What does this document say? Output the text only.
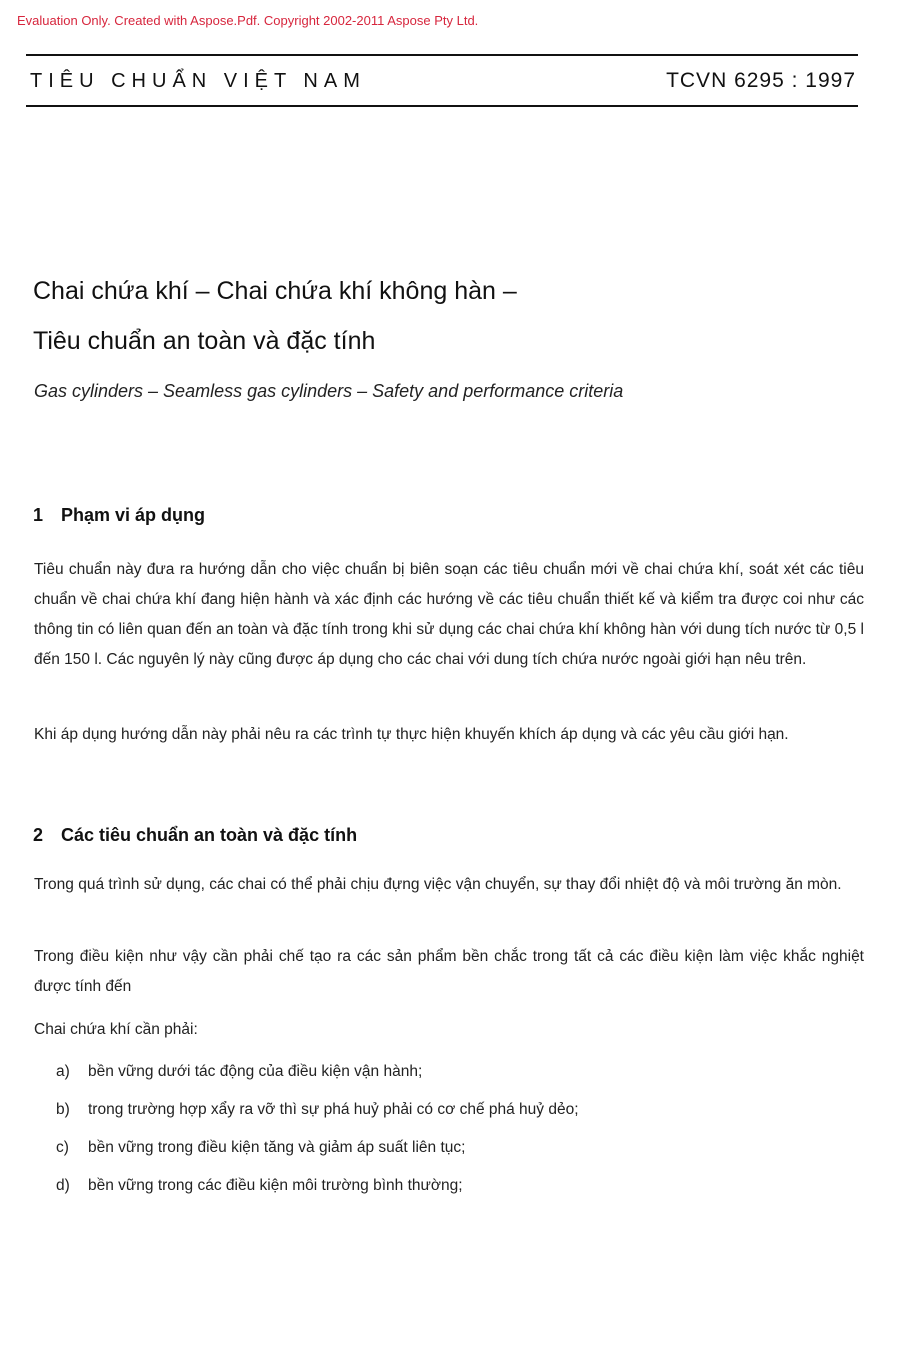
Evaluation Only. Created with Aspose.Pdf. Copyright 2002-2011 Aspose Pty Ltd.
TIÊU CHUẨN VIỆT NAM	TCVN 6295 : 1997
Chai chứa khí – Chai chứa khí không hàn –
Tiêu chuẩn an toàn và đặc tính
Gas cylinders – Seamless gas cylinders – Safety and performance criteria
1 Phạm vi áp dụng
Tiêu chuẩn này đưa ra hướng dẫn cho việc chuẩn bị biên soạn các tiêu chuẩn mới về chai chứa khí, soát xét các tiêu chuẩn về chai chứa khí đang hiện hành và xác định các hướng về các tiêu chuẩn thiết kế và kiểm tra được coi như các thông tin có liên quan đến an toàn và đặc tính trong khi sử dụng các chai chứa khí không hàn với dung tích nước từ 0,5 l đến 150 l. Các nguyên lý này cũng được áp dụng cho các chai với dung tích chứa nước ngoài giới hạn nêu trên.
Khi áp dụng hướng dẫn này phải nêu ra các trình tự thực hiện khuyến khích áp dụng và các yêu cầu giới hạn.
2 Các tiêu chuẩn an toàn và đặc tính
Trong quá trình sử dụng, các chai có thể phải chịu đựng việc vận chuyển, sự thay đổi nhiệt độ và môi trường ăn mòn.
Trong điều kiện như vậy cần phải chế tạo ra các sản phẩm bền chắc trong tất cả các điều kiện làm việc khắc nghiệt được tính đến
Chai chứa khí cần phải:
a) bền vững dưới tác động của điều kiện vận hành;
b) trong trường hợp xẩy ra vỡ thì sự phá huỷ phải có cơ chế phá huỷ dẻo;
c) bền vững trong điều kiện tăng và giảm áp suất liên tục;
d) bền vững trong các điều kiện môi trường bình thường;
